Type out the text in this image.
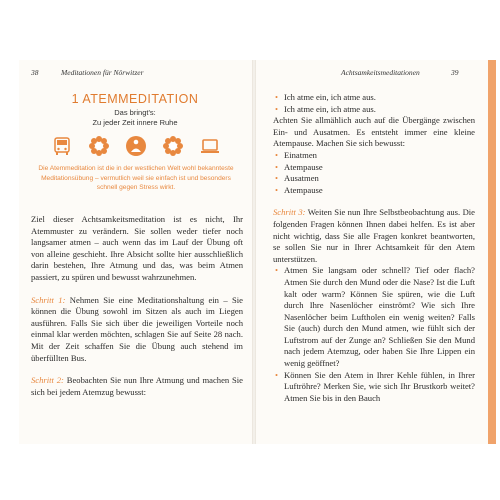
38	Meditationen für Nörwitzer
1 ATEMMEDITATION
Das bringt's:
Zu jeder Zeit innere Ruhe
Die Atemmeditation ist die in der westlichen Welt wohl bekannteste Meditationsübung – vermutlich weil sie einfach ist und besonders schnell gegen Stress wirkt.

Ziel dieser Achtsamkeitsmeditation ist es nicht, Ihr Atemmuster zu verändern. Sie sollen weder tiefer noch langsamer atmen – auch wenn das im Lauf der Übung oft von alleine geschieht. Ihre Absicht sollte hier ausschließlich darin bestehen, Ihre Atmung und das, was beim Atmen passiert, zu spüren und bewusst wahrzunehmen.

Schritt 1: Nehmen Sie eine Meditationshaltung ein – Sie können die Übung sowohl im Sitzen als auch im Liegen ausführen. Falls Sie sich über die jeweiligen Vorteile noch einmal klar werden möchten, schlagen Sie auf Seite 28 nach. Mit der Zeit schaffen Sie die Übung auch stehend im überfüllten Bus.

Schritt 2: Beobachten Sie nun Ihre Atmung und machen Sie sich bei jedem Atemzug bewusst:

Achtsamkeitsmeditationen	39
• Ich atme ein, ich atme aus.
• Ich atme ein, ich atme aus.

Achten Sie allmählich auch auf die Übergänge zwischen Ein- und Ausatmen. Es entsteht immer eine kleine Atempause. Machen Sie sich bewusst:

• Einatmen
• Atempause
• Ausatmen
• Atempause

Schritt 3: Weiten Sie nun Ihre Selbstbeobachtung aus. Die folgenden Fragen können Ihnen dabei helfen. Es ist aber nicht wichtig, dass Sie alle Fragen konkret beantworten, se sollen Sie nur in Ihrer Achtsamkeit für den Atem unterstützen.

• Atmen Sie langsam oder schnell? Tief oder flach? Atmen Sie durch den Mund oder die Nase? Ist die Luft kalt oder warm? Können Sie spüren, wie die Luft durch Ihre Nasenlöcher einströmt? Wie sich Ihre Nasenlöcher beim Luftholen ein wenig weiten? Falls Sie (auch) durch den Mund atmen, wie fühlt sich der Luftstrom auf der Zunge an? Schließen Sie den Mund nach jedem Atemzug, oder haben Sie Ihre Lippen ein wenig geöffnet?
• Können Sie den Atem in Ihrer Kehle fühlen, in Ihrer Luftröhre? Merken Sie, wie sich Ihr Brustkorb weitet? Atmen Sie bis in den Bauch
